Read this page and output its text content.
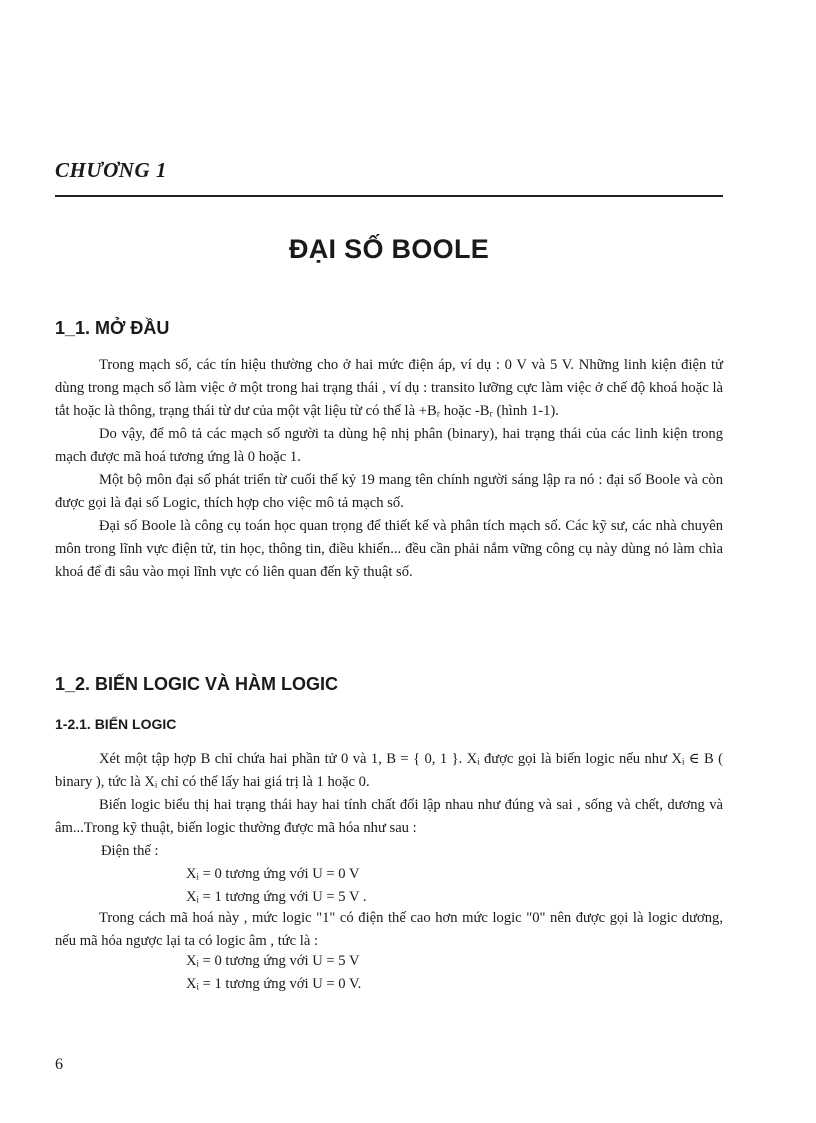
CHƯƠNG 1
ĐẠI SỐ BOOLE
1_1. MỞ ĐẦU

Trong mạch số, các tín hiệu thường cho ở hai mức điện áp, ví dụ : 0 V và 5 V. Những linh kiện điện tử dùng trong mạch số làm việc ở một trong hai trạng thái , ví dụ : transito lưỡng cực làm việc ở chế độ khoá hoặc là tắt hoặc là thông, trạng thái từ dư của một vật liệu từ có thể là +Bᵣ hoặc -Bᵣ (hình 1-1).

Do vậy, để mô tả các mạch số người ta dùng hệ nhị phân (binary), hai trạng thái của các linh kiện trong mạch được mã hoá tương ứng là 0 hoặc 1.

Một bộ môn đại số phát triển từ cuối thế kỷ 19 mang tên chính người sáng lập ra nó : đại số Boole và còn được gọi là đại số Logic, thích hợp cho việc mô tả mạch số.

Đại số Boole là công cụ toán học quan trọng để thiết kế và phân tích mạch số. Các kỹ sư, các nhà chuyên môn trong lĩnh vực điện tử, tin học, thông tin, điều khiển... đều cần phải nắm vững công cụ này dùng nó làm chìa khoá để đi sâu vào mọi lĩnh vực có liên quan đến kỹ thuật số.

1_2. BIẾN LOGIC VÀ HÀM LOGIC
1-2.1. BIẾN LOGIC

Xét một tập hợp B chỉ chứa hai phần tử 0 và 1, B = { 0, 1 }. Xᵢ được gọi là biến logic nếu như Xᵢ ∈ B ( binary ), tức là Xᵢ chỉ có thể lấy hai giá trị là 1 hoặc 0.

Biến logic biểu thị hai trạng thái hay hai tính chất đối lập nhau như đúng và sai , sống và chết, dương và âm...Trong kỹ thuật, biến logic thường được mã hóa như sau :

Điện thế :
Xᵢ = 0 tương ứng với U = 0 V
Xᵢ = 1 tương ứng với U = 5 V .

Trong cách mã hoá này , mức logic "1" có điện thế cao hơn mức logic "0" nên được gọi là logic dương, nếu mã hóa ngược lại ta có logic âm , tức là :

Xᵢ = 0 tương ứng với U = 5 V
Xᵢ = 1 tương ứng với U = 0 V.
6
